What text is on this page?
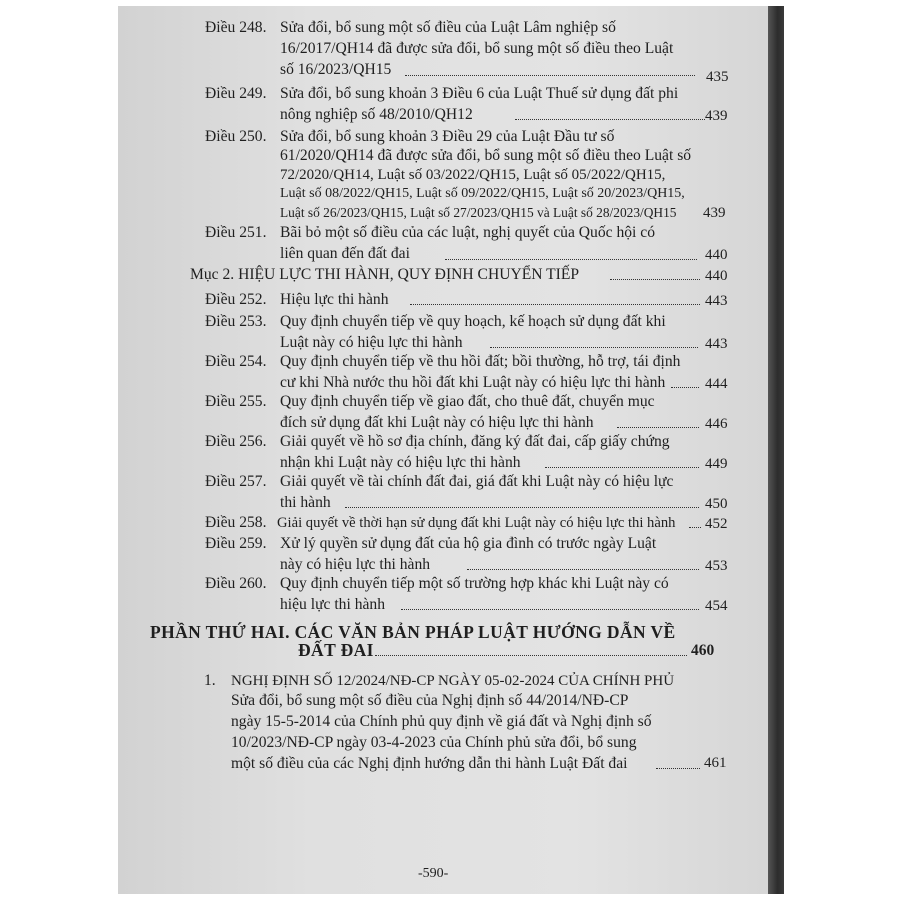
Điều 248. Sửa đổi, bổ sung một số điều của Luật Lâm nghiệp số
16/2017/QH14 đã được sửa đổi, bổ sung một số điều theo Luật
số 16/2023/QH15	435
Điều 249. Sửa đổi, bổ sung khoản 3 Điều 6 của Luật Thuế sử dụng đất phi
nông nghiệp số 48/2010/QH12	439
Điều 250. Sửa đổi, bổ sung khoản 3 Điều 29 của Luật Đầu tư số
61/2020/QH14 đã được sửa đổi, bổ sung một số điều theo Luật số
72/2020/QH14, Luật số 03/2022/QH15, Luật số 05/2022/QH15,
Luật số 08/2022/QH15, Luật số 09/2022/QH15, Luật số 20/2023/QH15,
Luật số 26/2023/QH15, Luật số 27/2023/QH15 và Luật số 28/2023/QH15 439
Điều 251. Bãi bỏ một số điều của các luật, nghị quyết của Quốc hội có
liên quan đến đất đai	440
Mục 2. HIỆU LỰC THI HÀNH, QUY ĐỊNH CHUYỂN TIẾP	440
Điều 252. Hiệu lực thi hành	443
Điều 253. Quy định chuyển tiếp về quy hoạch, kế hoạch sử dụng đất khi
Luật này có hiệu lực thi hành	443
Điều 254. Quy định chuyển tiếp về thu hồi đất; bồi thường, hỗ trợ, tái định
cư khi Nhà nước thu hồi đất khi Luật này có hiệu lực thi hành	444
Điều 255. Quy định chuyển tiếp về giao đất, cho thuê đất, chuyển mục
đích sử dụng đất khi Luật này có hiệu lực thi hành	446
Điều 256. Giải quyết về hồ sơ địa chính, đăng ký đất đai, cấp giấy chứng
nhận khi Luật này có hiệu lực thi hành	449
Điều 257. Giải quyết về tài chính đất đai, giá đất khi Luật này có hiệu lực
thi hành	450
Điều 258. Giải quyết về thời hạn sử dụng đất khi Luật này có hiệu lực thi hành 452
Điều 259. Xử lý quyền sử dụng đất của hộ gia đình có trước ngày Luật
này có hiệu lực thi hành	453
Điều 260. Quy định chuyển tiếp một số trường hợp khác khi Luật này có
hiệu lực thi hành	454
PHẦN THỨ HAI. CÁC VĂN BẢN PHÁP LUẬT HƯỚNG DẪN VỀ
ĐẤT ĐAI	460
1. NGHỊ ĐỊNH SỐ 12/2024/NĐ-CP NGÀY 05-02-2024 CỦA CHÍNH PHỦ
Sửa đổi, bổ sung một số điều của Nghị định số 44/2014/NĐ-CP
ngày 15-5-2014 của Chính phủ quy định về giá đất và Nghị định số
10/2023/NĐ-CP ngày 03-4-2023 của Chính phủ sửa đổi, bổ sung
một số điều của các Nghị định hướng dẫn thi hành Luật Đất đai	461
-590-
